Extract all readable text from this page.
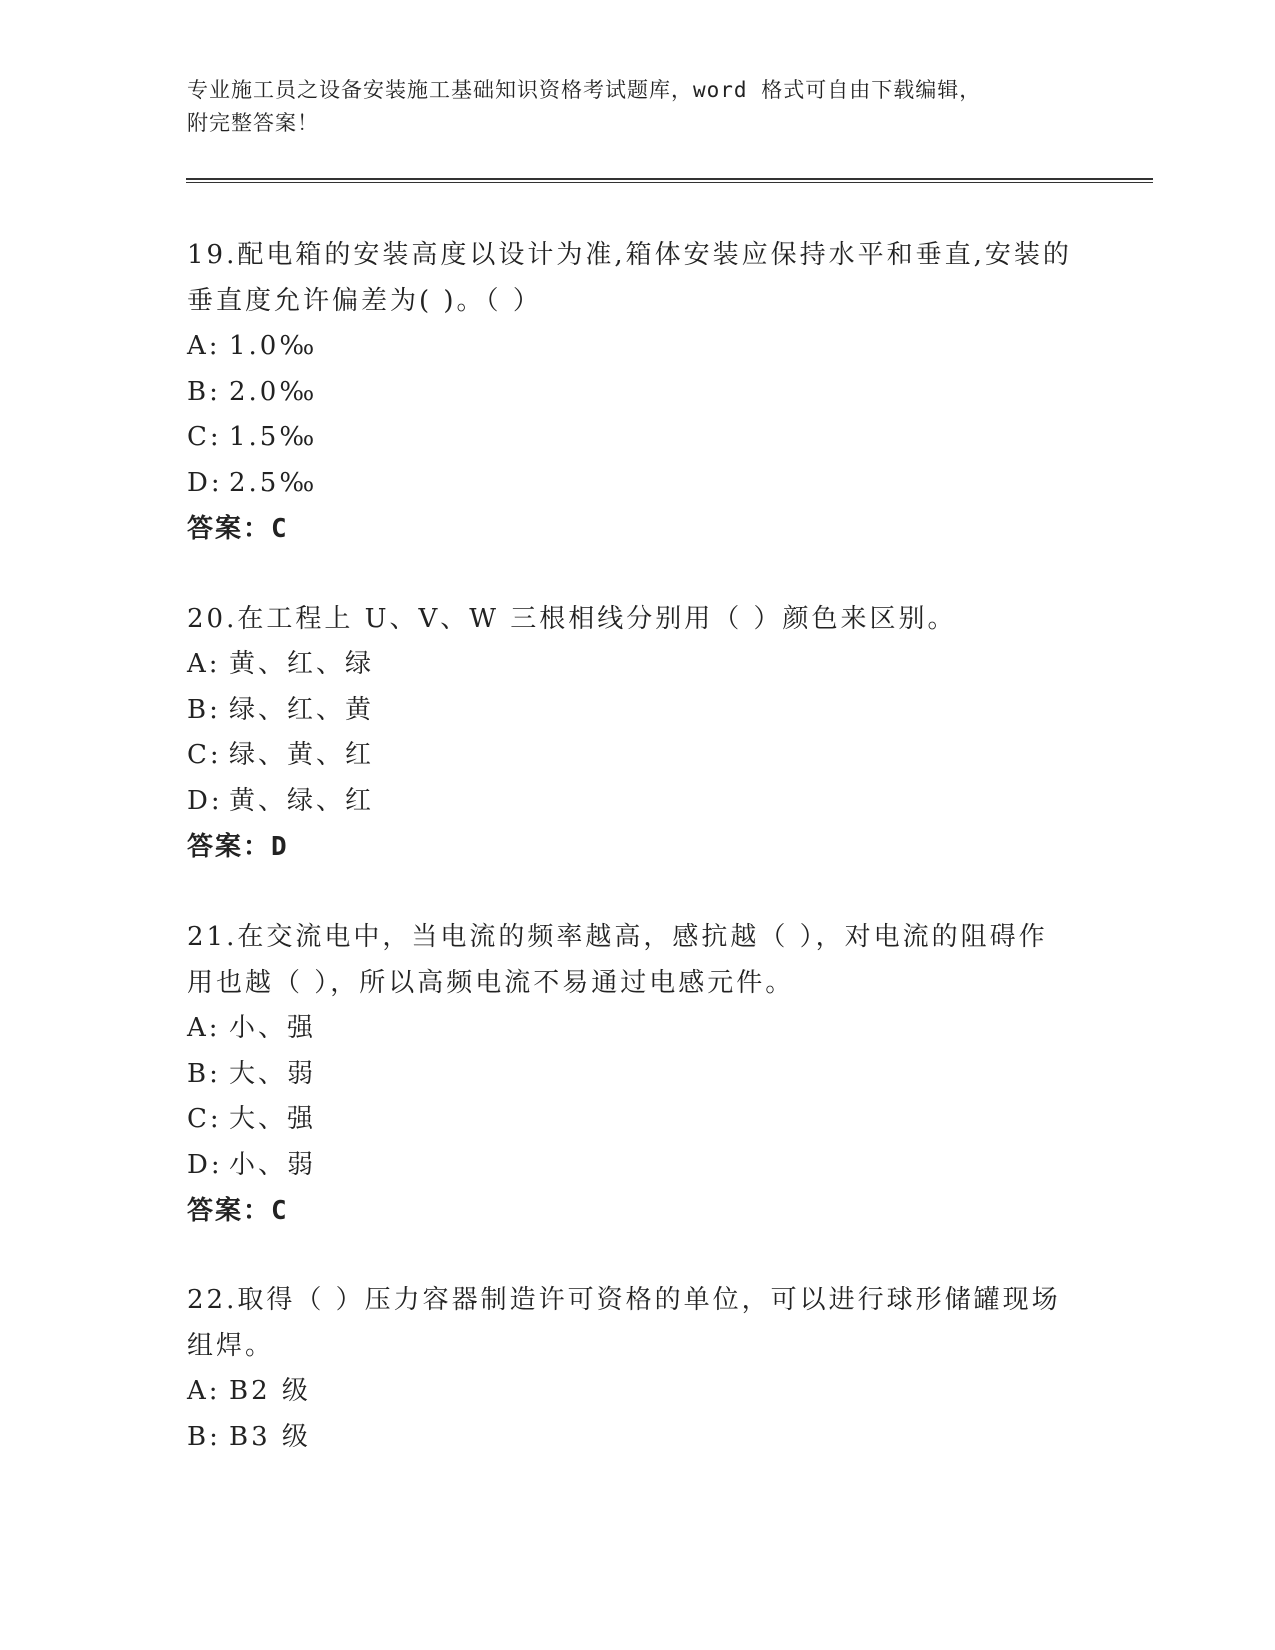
专业施工员之设备安装施工基础知识资格考试题库，word 格式可自由下载编辑，
附完整答案！
19.配电箱的安装高度以设计为准,箱体安装应保持水平和垂直,安装的
垂直度允许偏差为( )。（ ）
A: 1.0‰
B: 2.0‰
C: 1.5‰
D: 2.5‰
答案：C
20.在工程上 U、V、W 三根相线分别用（ ）颜色来区别。
A: 黄、红、绿
B: 绿、红、黄
C: 绿、黄、红
D: 黄、绿、红
答案：D
21.在交流电中，当电流的频率越高，感抗越（ ），对电流的阻碍作
用也越（ ），所以高频电流不易通过电感元件。
A: 小、强
B: 大、弱
C: 大、强
D: 小、弱
答案：C
22.取得（ ）压力容器制造许可资格的单位，可以进行球形储罐现场
组焊。
A: B2 级
B: B3 级
